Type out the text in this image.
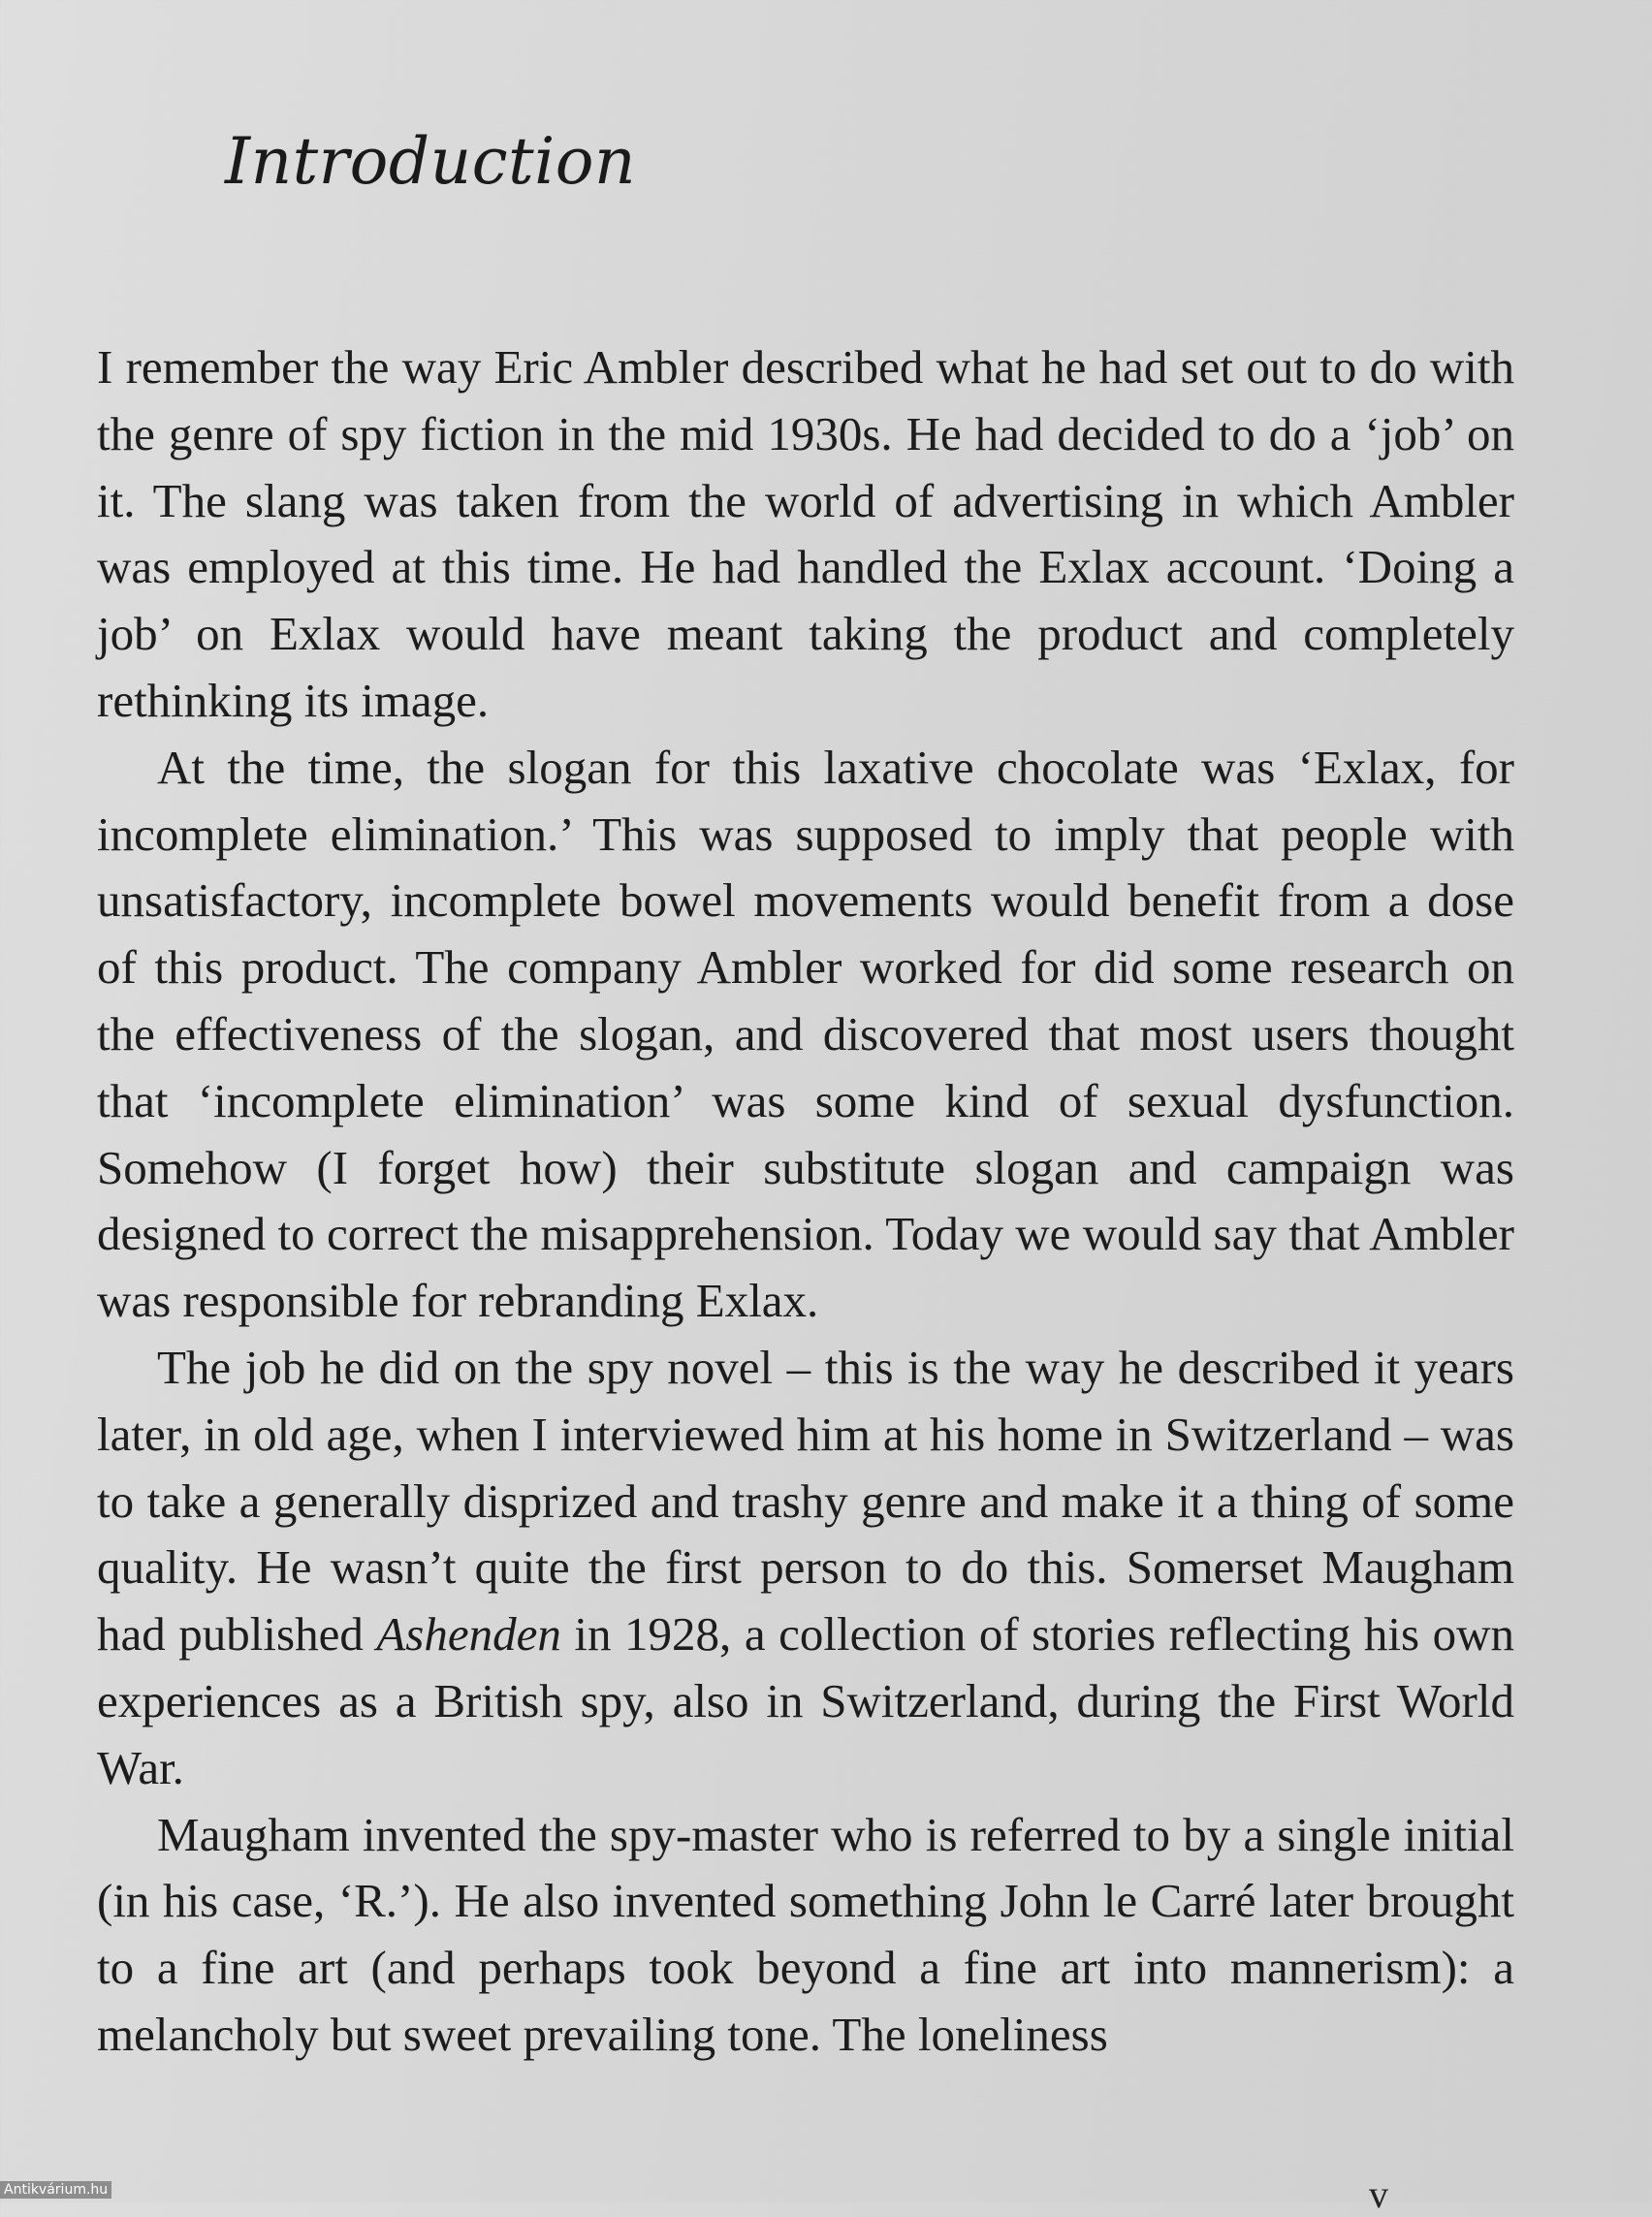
Introduction

I remember the way Eric Ambler described what he had set out to do with the genre of spy fiction in the mid 1930s. He had decided to do a ‘job’ on it. The slang was taken from the world of advertising in which Ambler was employed at this time. He had handled the Exlax account. ‘Doing a job’ on Exlax would have meant taking the product and completely rethinking its image.

At the time, the slogan for this laxative chocolate was ‘Exlax, for incomplete elimination.’ This was supposed to imply that people with unsatisfactory, incomplete bowel movements would benefit from a dose of this product. The company Ambler worked for did some research on the effectiveness of the slogan, and discovered that most users thought that ‘incomplete elimination’ was some kind of sexual dysfunction. Somehow (I forget how) their substitute slogan and campaign was designed to correct the misapprehension. Today we would say that Ambler was responsible for rebranding Exlax.

The job he did on the spy novel – this is the way he described it years later, in old age, when I interviewed him at his home in Switzerland – was to take a generally disprized and trashy genre and make it a thing of some quality. He wasn’t quite the first person to do this. Somerset Maugham had published Ashenden in 1928, a collection of stories reflecting his own experiences as a British spy, also in Switzerland, during the First World War.

Maugham invented the spy-master who is referred to by a single initial (in his case, ‘R.’). He also invented something John le Carré later brought to a fine art (and perhaps took beyond a fine art into mannerism): a melancholy but sweet prevailing tone. The loneliness

v
Antikvárium.hu
